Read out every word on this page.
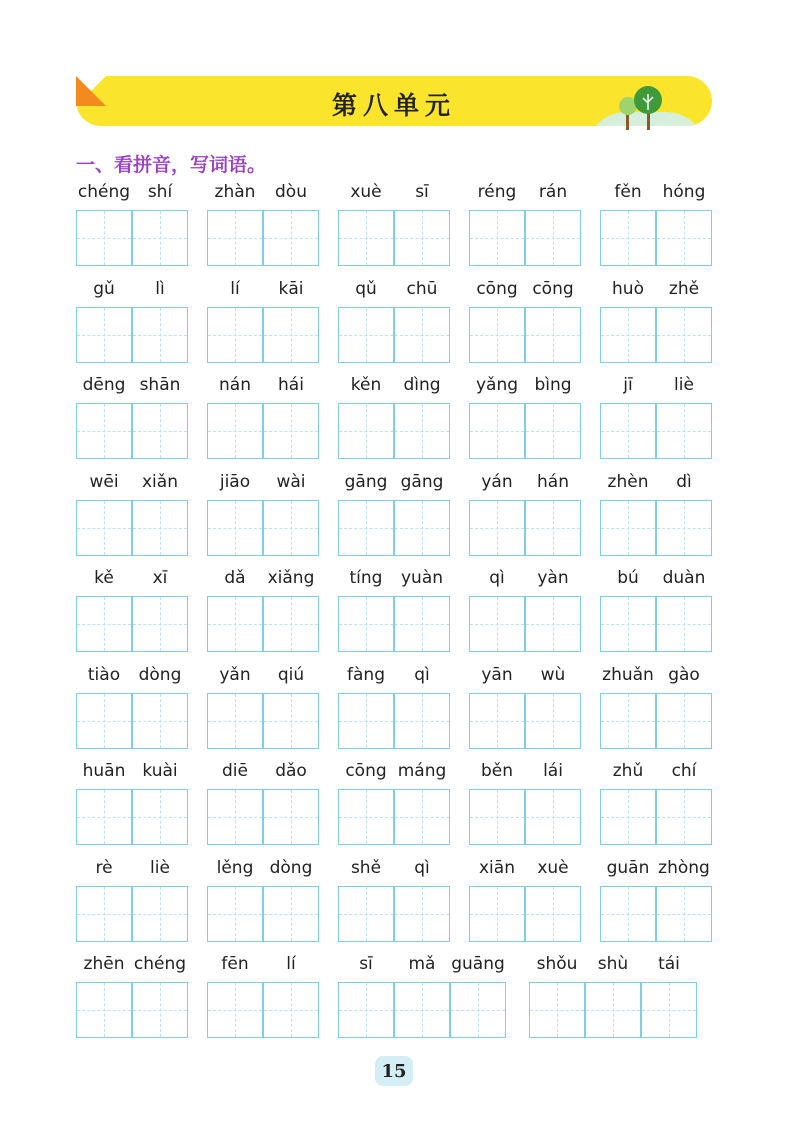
第八单元
一、看拼音，写词语。
chéng	shí	zhàn	dòu	xuè	sī	réng	rán	fěn	hóng
gǔ	lì	lí	kāi	qǔ	chū	cōng cōng	huò	zhě
dēng shān	nán	hái	kěn	dìng	yǎng bìng	jī	liè
wēi	xiǎn	jiāo	wài	gāng gāng	yán	hán	zhèn	dì
kě	xī	dǎ	xiǎng	tíng	yuàn	qì	yàn	bú	duàn
tiào	dòng	yǎn	qiú	fàng	qì	yān	wù	zhuǎn gào
huān	kuài	diē	dǎo	cōng máng	běn	lái	zhǔ	chí
rè	liè	lěng dòng	shě	qì	xiān	xuè	guān zhòng
zhēn chéng	fēn	lí	sī	mǎ guāng	shǒu	shù	tái
15
